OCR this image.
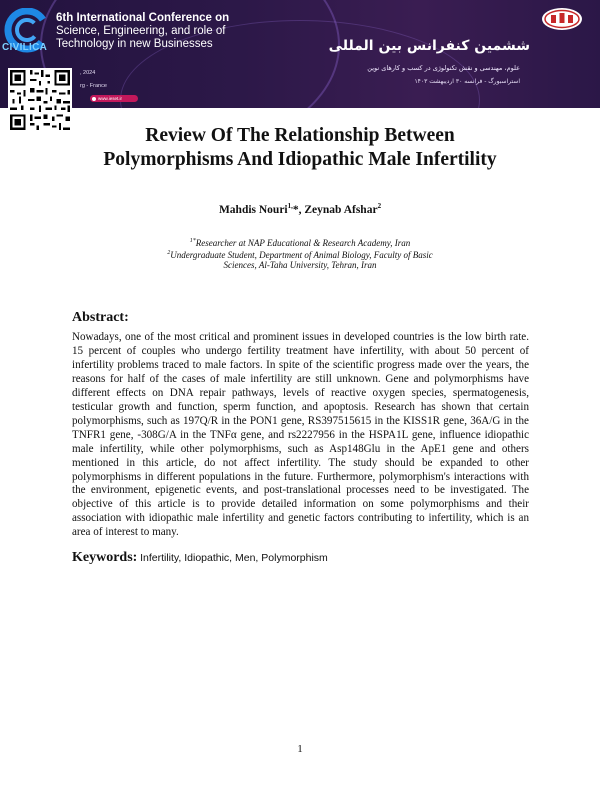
CIVILICA
6th International Conference on
Science, Engineering, and role of
Technology in new Businesses
, 2024
rg - France
www.ieset.ir
ششمین کنفرانس بین المللی
علوم، مهندسی و نقش تکنولوژی در کسب و کارهای نوین
استراسبورگ - فرانسه ۳۰ اردیبهشت ۱۴۰۳
Review Of The Relationship Between
Polymorphisms And Idiopathic Male Infertility
Mahdis Nouri$^{1,}$*, Zeynab Afshar$^2$
$^{1*}$Researcher at NAP Educational & Research Academy, Iran
$^2$Undergraduate Student, Department of Animal Biology, Faculty of Basic
Sciences, Al-Taha University, Tehran, Iran
Abstract:

Nowadays, one of the most critical and prominent issues in developed countries is the low birth rate. 15 percent of couples who undergo fertility treatment have infertility, with about 50 percent of infertility problems traced to male factors. In spite of the scientific progress made over the years, the reasons for half of the cases of male infertility are still unknown. Gene and polymorphisms have different effects on DNA repair pathways, levels of reactive oxygen species, spermatogenesis, testicular growth and function, sperm function, and apoptosis. Research has shown that certain polymorphisms, such as 197Q/R in the PON1 gene, RS397515615 in the KISS1R gene, 36A/G in the TNFR1 gene, -308G/A in the TNFα gene, and rs2227956 in the HSPA1L gene, influence idiopathic male infertility, while other polymorphisms, such as Asp148Glu in the ApE1 gene and others mentioned in this article, do not affect infertility. The study should be expanded to other polymorphisms in different populations in the future. Furthermore, polymorphism's interactions with the environment, epigenetic events, and post-translational processes need to be investigated. The objective of this article is to provide detailed information on some polymorphisms and their association with idiopathic male infertility and genetic factors contributing to infertility, which is an area of interest to many.

Keywords: Infertility, Idiopathic, Men, Polymorphism
1
